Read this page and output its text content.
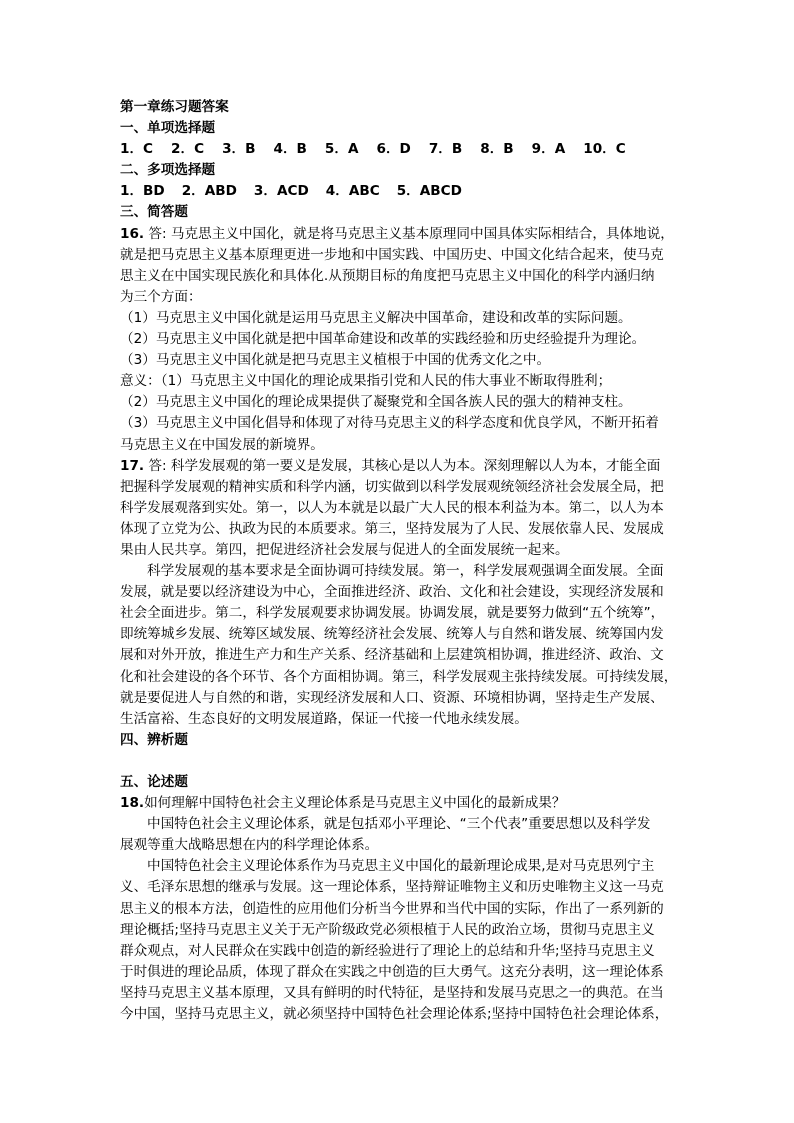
第一章练习题答案
一、单项选择题
1．C 2．C 3．B 4．B 5．A 6．D 7．B 8．B 9．A 10．C
二、多项选择题
1．BD 2．ABD 3．ACD 4．ABC 5．ABCD
三、简答题
16. 答: 马克思主义中国化，就是将马克思主义基本原理同中国具体实际相结合，具体地说，
就是把马克思主义基本原理更进一步地和中国实践、中国历史、中国文化结合起来，使马克
思主义在中国实现民族化和具体化.从预期目标的角度把马克思主义中国化的科学内涵归纳
为三个方面：
（1）马克思主义中国化就是运用马克思主义解决中国革命，建设和改革的实际问题。
（2）马克思主义中国化就是把中国革命建设和改革的实践经验和历史经验提升为理论。
（3）马克思主义中国化就是把马克思主义植根于中国的优秀文化之中。
意义：（1）马克思主义中国化的理论成果指引党和人民的伟大事业不断取得胜利；
（2）马克思主义中国化的理论成果提供了凝聚党和全国各族人民的强大的精神支柱。
（3）马克思主义中国化倡导和体现了对待马克思主义的科学态度和优良学风，不断开拓着
马克思主义在中国发展的新境界。
17. 答: 科学发展观的第一要义是发展，其核心是以人为本。深刻理解以人为本，才能全面
把握科学发展观的精神实质和科学内涵，切实做到以科学发展观统领经济社会发展全局，把
科学发展观落到实处。第一，以人为本就是以最广大人民的根本利益为本。第二，以人为本
体现了立党为公、执政为民的本质要求。第三，坚持发展为了人民、发展依靠人民、发展成
果由人民共享。第四，把促进经济社会发展与促进人的全面发展统一起来。
科学发展观的基本要求是全面协调可持续发展。第一，科学发展观强调全面发展。全面
发展，就是要以经济建设为中心，全面推进经济、政治、文化和社会建设，实现经济发展和
社会全面进步。第二，科学发展观要求协调发展。协调发展，就是要努力做到“五个统筹”，
即统筹城乡发展、统筹区域发展、统筹经济社会发展、统筹人与自然和谐发展、统筹国内发
展和对外开放，推进生产力和生产关系、经济基础和上层建筑相协调，推进经济、政治、文
化和社会建设的各个环节、各个方面相协调。第三，科学发展观主张持续发展。可持续发展，
就是要促进人与自然的和谐，实现经济发展和人口、资源、环境相协调，坚持走生产发展、
生活富裕、生态良好的文明发展道路，保证一代接一代地永续发展。
四、辨析题
五、论述题
18.如何理解中国特色社会主义理论体系是马克思主义中国化的最新成果？
中国特色社会主义理论体系，就是包括邓小平理论、“三个代表”重要思想以及科学发
展观等重大战略思想在内的科学理论体系。
中国特色社会主义理论体系作为马克思主义中国化的最新理论成果,是对马克思列宁主
义、毛泽东思想的继承与发展。这一理论体系，坚持辩证唯物主义和历史唯物主义这一马克
思主义的根本方法，创造性的应用他们分析当今世界和当代中国的实际，作出了一系列新的
理论概括;坚持马克思主义关于无产阶级政党必须根植于人民的政治立场，贯彻马克思主义
群众观点，对人民群众在实践中创造的新经验进行了理论上的总结和升华;坚持马克思主义
于时俱进的理论品质，体现了群众在实践之中创造的巨大勇气。这充分表明，这一理论体系
坚持马克思主义基本原理，又具有鲜明的时代特征，是坚持和发展马克思之一的典范。在当
今中国，坚持马克思主义，就必须坚持中国特色社会理论体系;坚持中国特色社会理论体系，
